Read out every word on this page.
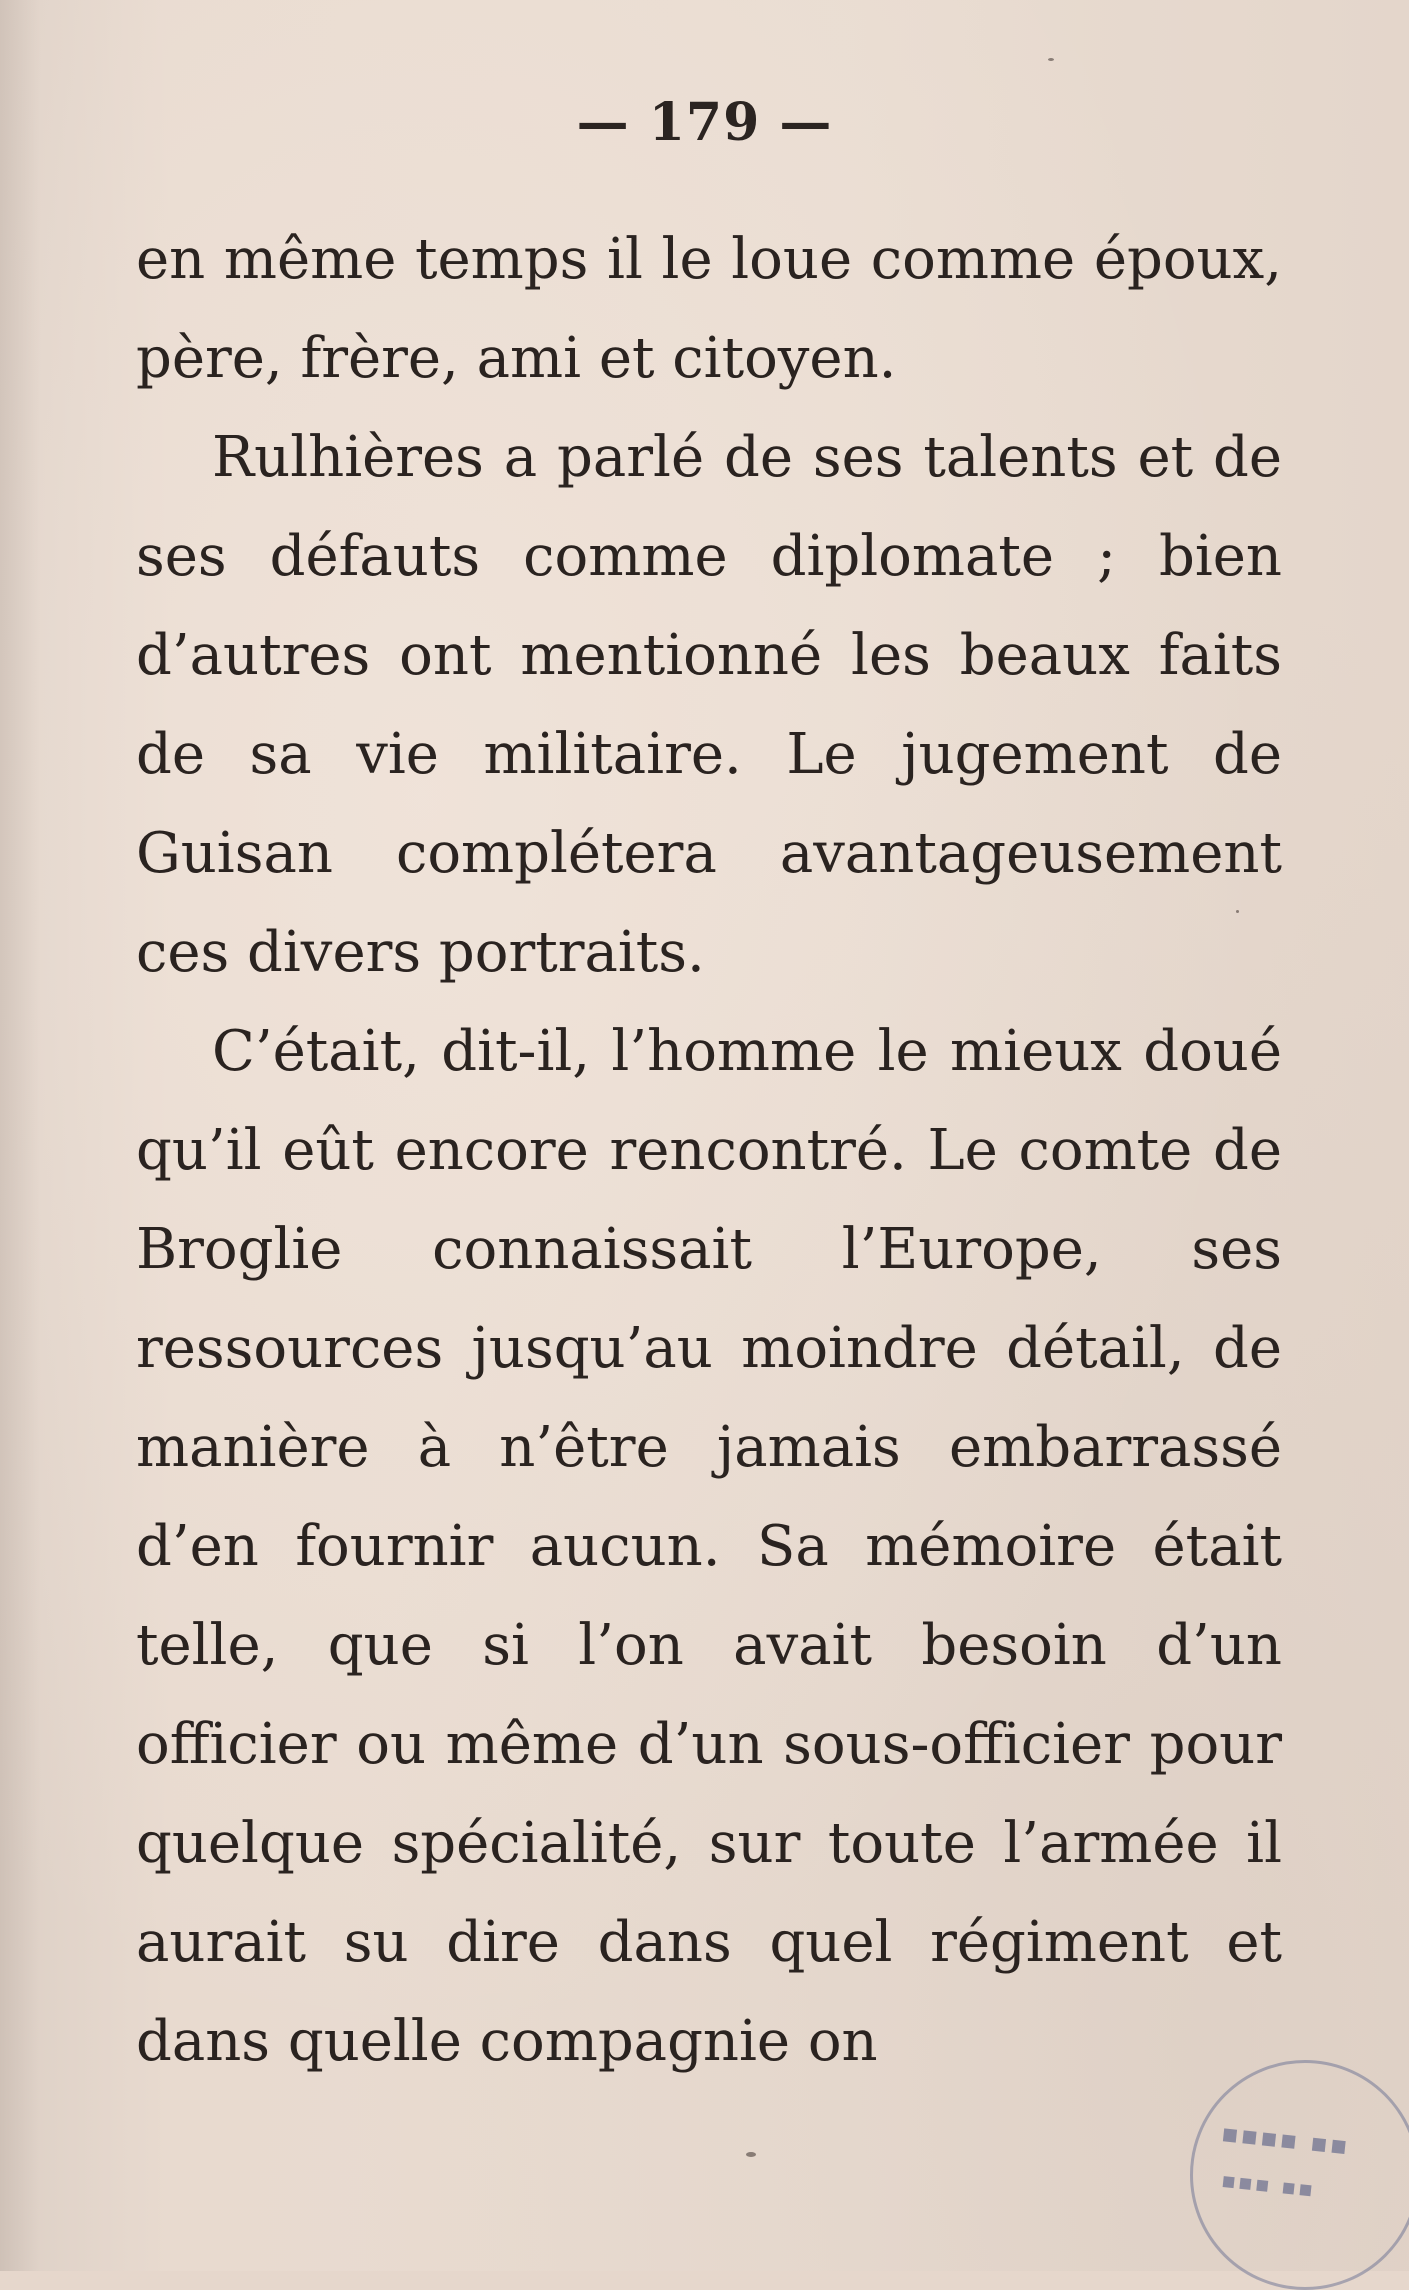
— 179 —

en même temps il le loue comme époux, père, frère, ami et citoyen.

Rulhières a parlé de ses talents et de ses défauts comme diplomate ; bien d’autres ont mentionné les beaux faits de sa vie militaire. Le jugement de Guisan complétera avantageusement ces divers portraits.

C’était, dit-il, l’homme le mieux doué qu’il eût encore rencontré. Le comte de Broglie connaissait l’Europe, ses ressources jusqu’au moindre détail, de manière à n’être jamais embarrassé d’en fournir aucun. Sa mémoire était telle, que si l’on avait besoin d’un officier ou même d’un sous-officier pour quelque spécialité, sur toute l’armée il aurait su dire dans quel régiment et dans quelle compagnie on

▪▪▪▪ ▪▪
▪▪▪ ▪▪
